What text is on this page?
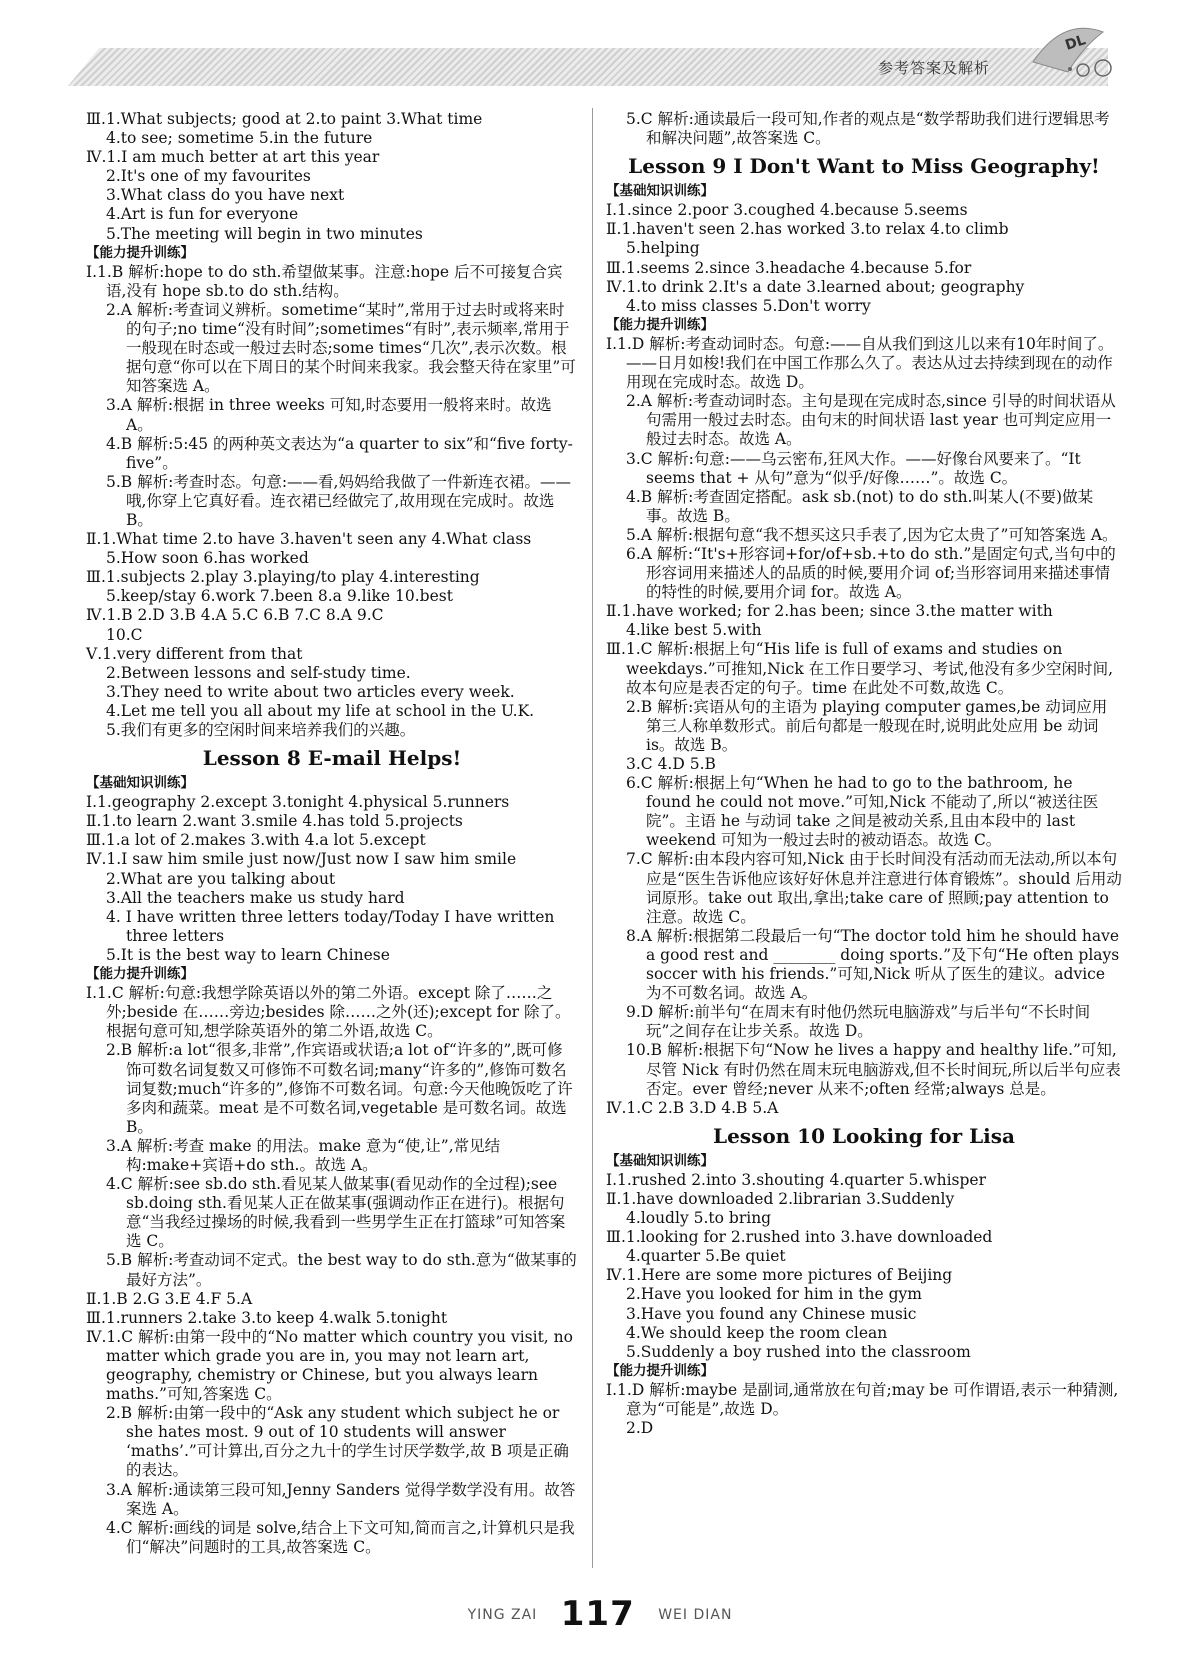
参考答案及解析
DL

Ⅲ.1.What subjects; good at 2.to paint 3.What time

4.to see; sometime 5.in the future

Ⅳ.1.I am much better at art this year

2.It's one of my favourites

3.What class do you have next

4.Art is fun for everyone

5.The meeting will begin in two minutes

【能力提升训练】

Ⅰ.1.B 解析:hope to do sth.希望做某事。注意:hope 后不可接复合宾语,没有 hope sb.to do sth.结构。

2.A 解析:考查词义辨析。sometime“某时”,常用于过去时或将来时的句子;no time“没有时间”;sometimes“有时”,表示频率,常用于一般现在时态或一般过去时态;some times“几次”,表示次数。根据句意“你可以在下周日的某个时间来我家。我会整天待在家里”可知答案选 A。

3.A 解析:根据 in three weeks 可知,时态要用一般将来时。故选 A。

4.B 解析:5:45 的两种英文表达为“a quarter to six”和“five forty-five”。

5.B 解析:考查时态。句意:——看,妈妈给我做了一件新连衣裙。——哦,你穿上它真好看。连衣裙已经做完了,故用现在完成时。故选 B。

Ⅱ.1.What time 2.to have 3.haven't seen any 4.What class

5.How soon 6.has worked

Ⅲ.1.subjects 2.play 3.playing/to play 4.interesting

5.keep/stay 6.work 7.been 8.a 9.like 10.best

Ⅳ.1.B 2.D 3.B 4.A 5.C 6.B 7.C 8.A 9.C

10.C

Ⅴ.1.very different from that

2.Between lessons and self-study time.

3.They need to write about two articles every week.

4.Let me tell you all about my life at school in the U.K.

5.我们有更多的空闲时间来培养我们的兴趣。

Lesson 8 E-mail Helps!

【基础知识训练】

Ⅰ.1.geography 2.except 3.tonight 4.physical 5.runners

Ⅱ.1.to learn 2.want 3.smile 4.has told 5.projects

Ⅲ.1.a lot of 2.makes 3.with 4.a lot 5.except

Ⅳ.1.I saw him smile just now/Just now I saw him smile

2.What are you talking about

3.All the teachers make us study hard

4. I have written three letters today/Today I have written three letters

5.It is the best way to learn Chinese

【能力提升训练】

Ⅰ.1.C 解析:句意:我想学除英语以外的第二外语。except 除了……之外;beside 在……旁边;besides 除……之外(还);except for 除了。根据句意可知,想学除英语外的第二外语,故选 C。

2.B 解析:a lot“很多,非常”,作宾语或状语;a lot of“许多的”,既可修饰可数名词复数又可修饰不可数名词;many“许多的”,修饰可数名词复数;much“许多的”,修饰不可数名词。句意:今天他晚饭吃了许多肉和蔬菜。meat 是不可数名词,vegetable 是可数名词。故选 B。

3.A 解析:考查 make 的用法。make 意为“使,让”,常见结构:make+宾语+do sth.。故选 A。

4.C 解析:see sb.do sth.看见某人做某事(看见动作的全过程);see sb.doing sth.看见某人正在做某事(强调动作正在进行)。根据句意“当我经过操场的时候,我看到一些男学生正在打篮球”可知答案选 C。

5.B 解析:考查动词不定式。the best way to do sth.意为“做某事的最好方法”。

Ⅱ.1.B 2.G 3.E 4.F 5.A

Ⅲ.1.runners 2.take 3.to keep 4.walk 5.tonight

Ⅳ.1.C 解析:由第一段中的“No matter which country you visit, no matter which grade you are in, you may not learn art, geography, chemistry or Chinese, but you always learn maths.”可知,答案选 C。

2.B 解析:由第一段中的“Ask any student which subject he or she hates most. 9 out of 10 students will answer ‘maths’.”可计算出,百分之九十的学生讨厌学数学,故 B 项是正确的表达。

3.A 解析:通读第三段可知,Jenny Sanders 觉得学数学没有用。故答案选 A。

4.C 解析:画线的词是 solve,结合上下文可知,简而言之,计算机只是我们“解决”问题时的工具,故答案选 C。

5.C 解析:通读最后一段可知,作者的观点是“数学帮助我们进行逻辑思考和解决问题”,故答案选 C。

Lesson 9 I Don't Want to Miss Geography!

【基础知识训练】

Ⅰ.1.since 2.poor 3.coughed 4.because 5.seems

Ⅱ.1.haven't seen 2.has worked 3.to relax 4.to climb

5.helping

Ⅲ.1.seems 2.since 3.headache 4.because 5.for

Ⅳ.1.to drink 2.It's a date 3.learned about; geography

4.to miss classes 5.Don't worry

【能力提升训练】

Ⅰ.1.D 解析:考查动词时态。句意:——自从我们到这儿以来有10年时间了。——日月如梭!我们在中国工作那么久了。表达从过去持续到现在的动作用现在完成时态。故选 D。

2.A 解析:考查动词时态。主句是现在完成时态,since 引导的时间状语从句需用一般过去时态。由句末的时间状语 last year 也可判定应用一般过去时态。故选 A。

3.C 解析:句意:——乌云密布,狂风大作。——好像台风要来了。“It seems that + 从句”意为“似乎/好像……”。故选 C。

4.B 解析:考查固定搭配。ask sb.(not) to do sth.叫某人(不要)做某事。故选 B。

5.A 解析:根据句意“我不想买这只手表了,因为它太贵了”可知答案选 A。

6.A 解析:“It's+形容词+for/of+sb.+to do sth.”是固定句式,当句中的形容词用来描述人的品质的时候,要用介词 of;当形容词用来描述事情的特性的时候,要用介词 for。故选 A。

Ⅱ.1.have worked; for 2.has been; since 3.the matter with

4.like best 5.with

Ⅲ.1.C 解析:根据上句“His life is full of exams and studies on weekdays.”可推知,Nick 在工作日要学习、考试,他没有多少空闲时间,故本句应是表否定的句子。time 在此处不可数,故选 C。

2.B 解析:宾语从句的主语为 playing computer games,be 动词应用第三人称单数形式。前后句都是一般现在时,说明此处应用 be 动词 is。故选 B。

3.C 4.D 5.B

6.C 解析:根据上句“When he had to go to the bathroom, he found he could not move.”可知,Nick 不能动了,所以“被送往医院”。主语 he 与动词 take 之间是被动关系,且由本段中的 last weekend 可知为一般过去时的被动语态。故选 C。

7.C 解析:由本段内容可知,Nick 由于长时间没有活动而无法动,所以本句应是“医生告诉他应该好好休息并注意进行体育锻炼”。should 后用动词原形。take out 取出,拿出;take care of 照顾;pay attention to 注意。故选 C。

8.A 解析:根据第二段最后一句“The doctor told him he should have a good rest and ________ doing sports.”及下句“He often plays soccer with his friends.”可知,Nick 听从了医生的建议。advice 为不可数名词。故选 A。

9.D 解析:前半句“在周末有时他仍然玩电脑游戏”与后半句“不长时间玩”之间存在让步关系。故选 D。

10.B 解析:根据下句“Now he lives a happy and healthy life.”可知,尽管 Nick 有时仍然在周末玩电脑游戏,但不长时间玩,所以后半句应表否定。ever 曾经;never 从来不;often 经常;always 总是。

Ⅳ.1.C 2.B 3.D 4.B 5.A

Lesson 10 Looking for Lisa

【基础知识训练】

Ⅰ.1.rushed 2.into 3.shouting 4.quarter 5.whisper

Ⅱ.1.have downloaded 2.librarian 3.Suddenly

4.loudly 5.to bring

Ⅲ.1.looking for 2.rushed into 3.have downloaded

4.quarter 5.Be quiet

Ⅳ.1.Here are some more pictures of Beijing

2.Have you looked for him in the gym

3.Have you found any Chinese music

4.We should keep the room clean

5.Suddenly a boy rushed into the classroom

【能力提升训练】

Ⅰ.1.D 解析:maybe 是副词,通常放在句首;may be 可作谓语,表示一种猜测,意为“可能是”,故选 D。

2.D

YING ZAI 117 WEI DIAN
